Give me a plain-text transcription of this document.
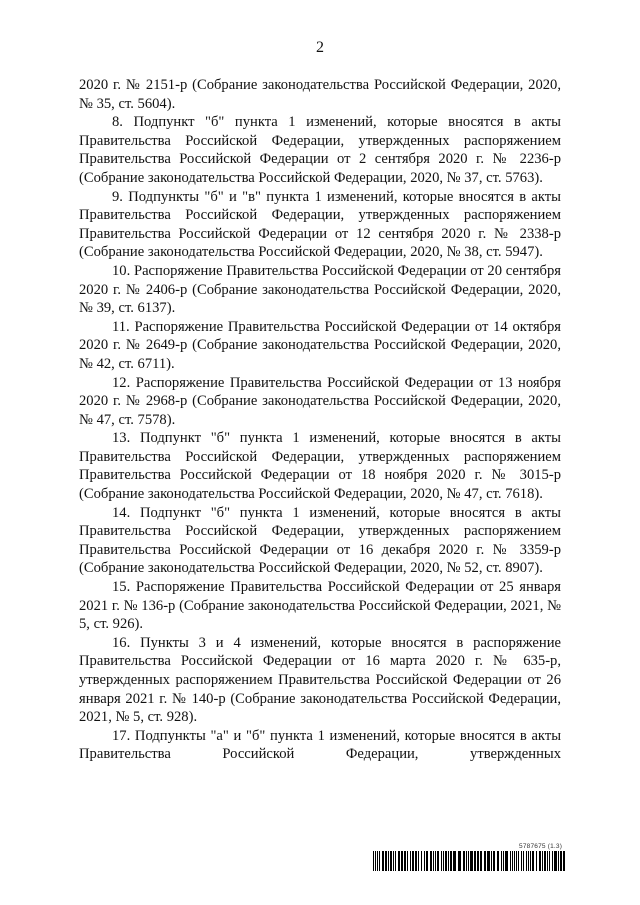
2

2020 г. № 2151-р (Собрание законодательства Российской Федерации, 2020, № 35, ст. 5604).

8. Подпункт "б" пункта 1 изменений, которые вносятся в акты Правительства Российской Федерации, утвержденных распоряжением Правительства Российской Федерации от 2 сентября 2020 г. № 2236-р (Собрание законодательства Российской Федерации, 2020, № 37, ст. 5763).

9. Подпункты "б" и "в" пункта 1 изменений, которые вносятся в акты Правительства Российской Федерации, утвержденных распоряжением Правительства Российской Федерации от 12 сентября 2020 г. № 2338-р (Собрание законодательства Российской Федерации, 2020, № 38, ст. 5947).

10. Распоряжение Правительства Российской Федерации от 20 сентября 2020 г. № 2406-р (Собрание законодательства Российской Федерации, 2020, № 39, ст. 6137).

11. Распоряжение Правительства Российской Федерации от 14 октября 2020 г. № 2649-р (Собрание законодательства Российской Федерации, 2020, № 42, ст. 6711).

12. Распоряжение Правительства Российской Федерации от 13 ноября 2020 г. № 2968-р (Собрание законодательства Российской Федерации, 2020, № 47, ст. 7578).

13. Подпункт "б" пункта 1 изменений, которые вносятся в акты Правительства Российской Федерации, утвержденных распоряжением Правительства Российской Федерации от 18 ноября 2020 г. № 3015-р (Собрание законодательства Российской Федерации, 2020, № 47, ст. 7618).

14. Подпункт "б" пункта 1 изменений, которые вносятся в акты Правительства Российской Федерации, утвержденных распоряжением Правительства Российской Федерации от 16 декабря 2020 г. № 3359-р (Собрание законодательства Российской Федерации, 2020, № 52, ст. 8907).

15. Распоряжение Правительства Российской Федерации от 25 января 2021 г. № 136-р (Собрание законодательства Российской Федерации, 2021, № 5, ст. 926).

16. Пункты 3 и 4 изменений, которые вносятся в распоряжение Правительства Российской Федерации от 16 марта 2020 г. № 635-р, утвержденных распоряжением Правительства Российской Федерации от 26 января 2021 г. № 140-р (Собрание законодательства Российской Федерации, 2021, № 5, ст. 928).

17. Подпункты "а" и "б" пункта 1 изменений, которые вносятся в акты Правительства Российской Федерации, утвержденных

5787675 (1.3)
